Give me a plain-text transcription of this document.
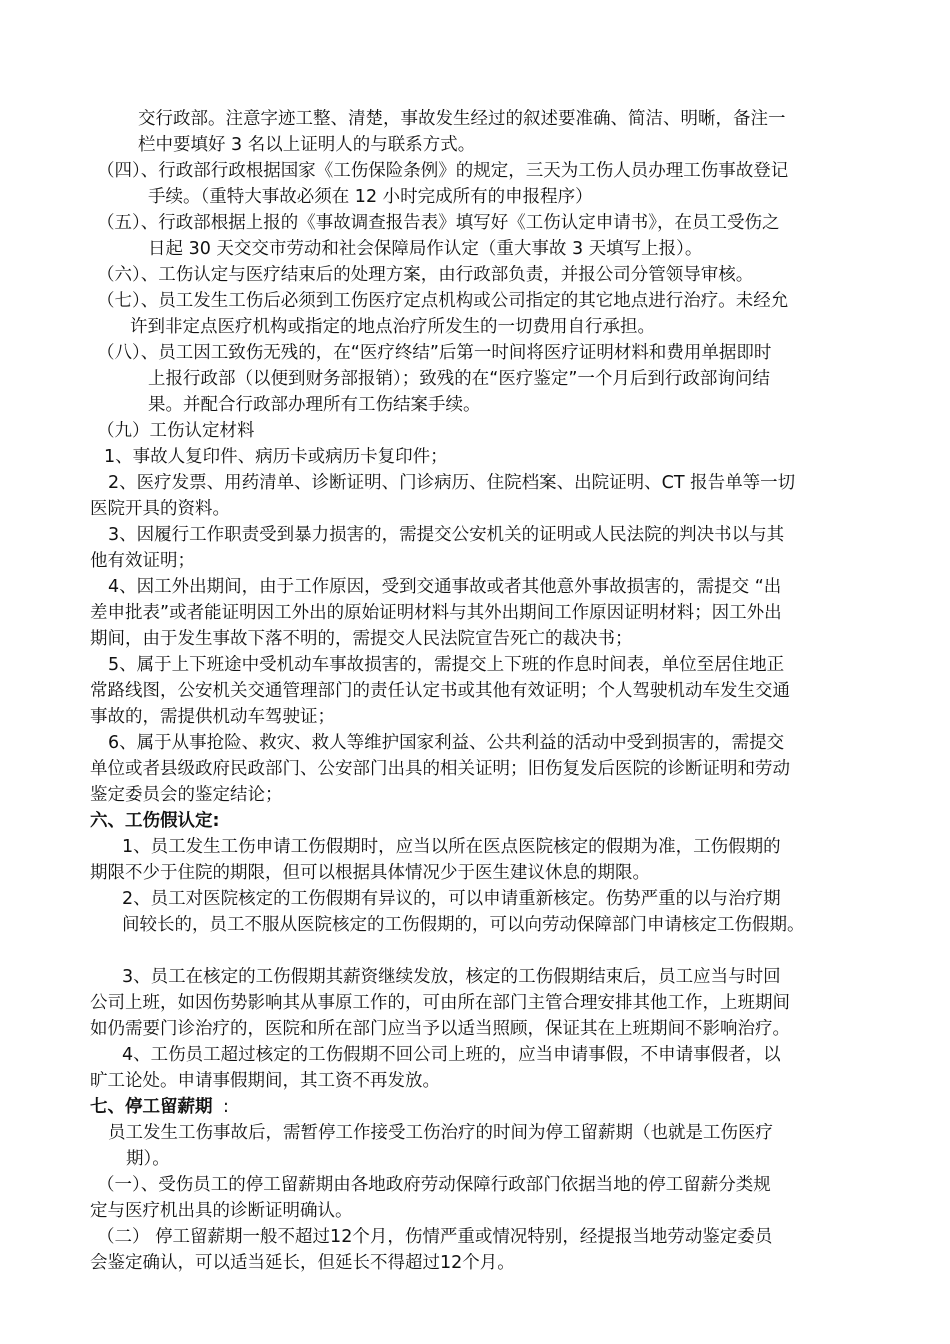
交行政部。注意字迹工整、清楚，事故发生经过的叙述要准确、简洁、明晰，备注一

栏中要填好 3 名以上证明人的与联系方式。

（四）、行政部行政根据国家《工伤保险条例》的规定，三天为工伤人员办理工伤事故登记

手续。（重特大事故必须在 12 小时完成所有的申报程序）

（五）、行政部根据上报的《事故调查报告表》填写好《工伤认定申请书》，在员工受伤之

日起 30 天交交市劳动和社会保障局作认定（重大事故 3 天填写上报）。

（六）、工伤认定与医疗结束后的处理方案，由行政部负责，并报公司分管领导审核。

（七）、员工发生工伤后必须到工伤医疗定点机构或公司指定的其它地点进行治疗。未经允

许到非定点医疗机构或指定的地点治疗所发生的一切费用自行承担。

（八）、员工因工致伤无残的，在“医疗终结”后第一时间将医疗证明材料和费用单据即时

上报行政部（以便到财务部报销）；致残的在“医疗鉴定”一个月后到行政部询问结

果。并配合行政部办理所有工伤结案手续。

（九）工伤认定材料

1、事故人复印件、病历卡或病历卡复印件；

2、医疗发票、用药清单、诊断证明、门诊病历、住院档案、出院证明、CT 报告单等一切

医院开具的资料。

3、因履行工作职责受到暴力损害的，需提交公安机关的证明或人民法院的判决书以与其

他有效证明；

4、因工外出期间，由于工作原因，受到交通事故或者其他意外事故损害的，需提交 “出

差申批表”或者能证明因工外出的原始证明材料与其外出期间工作原因证明材料；因工外出

期间，由于发生事故下落不明的，需提交人民法院宣告死亡的裁决书；

5、属于上下班途中受机动车事故损害的，需提交上下班的作息时间表，单位至居住地正

常路线图，公安机关交通管理部门的责任认定书或其他有效证明；个人驾驶机动车发生交通

事故的，需提供机动车驾驶证；

6、属于从事抢险、救灾、救人等维护国家利益、公共利益的活动中受到损害的，需提交

单位或者县级政府民政部门、公安部门出具的相关证明；旧伤复发后医院的诊断证明和劳动

鉴定委员会的鉴定结论；

六、工伤假认定:

1、员工发生工伤申请工伤假期时，应当以所在医点医院核定的假期为准，工伤假期的

期限不少于住院的期限，但可以根据具体情况少于医生建议休息的期限。

2、员工对医院核定的工伤假期有异议的，可以申请重新核定。伤势严重的以与治疗期

间较长的，员工不服从医院核定的工伤假期的，可以向劳动保障部门申请核定工伤假期。

3、员工在核定的工伤假期其薪资继续发放，核定的工伤假期结束后，员工应当与时回

公司上班，如因伤势影响其从事原工作的，可由所在部门主管合理安排其他工作，上班期间

如仍需要门诊治疗的，医院和所在部门应当予以适当照顾，保证其在上班期间不影响治疗。

4、工伤员工超过核定的工伤假期不回公司上班的，应当申请事假，不申请事假者，以

旷工论处。申请事假期间，其工资不再发放。

七、停工留薪期 :

员工发生工伤事故后，需暂停工作接受工伤治疗的时间为停工留薪期（也就是工伤医疗

期）。

（一）、受伤员工的停工留薪期由各地政府劳动保障行政部门依据当地的停工留薪分类规

定与医疗机出具的诊断证明确认。

（二） 停工留薪期一般不超过12个月，伤情严重或情况特别，经提报当地劳动鉴定委员

会鉴定确认，可以适当延长，但延长不得超过12个月。
